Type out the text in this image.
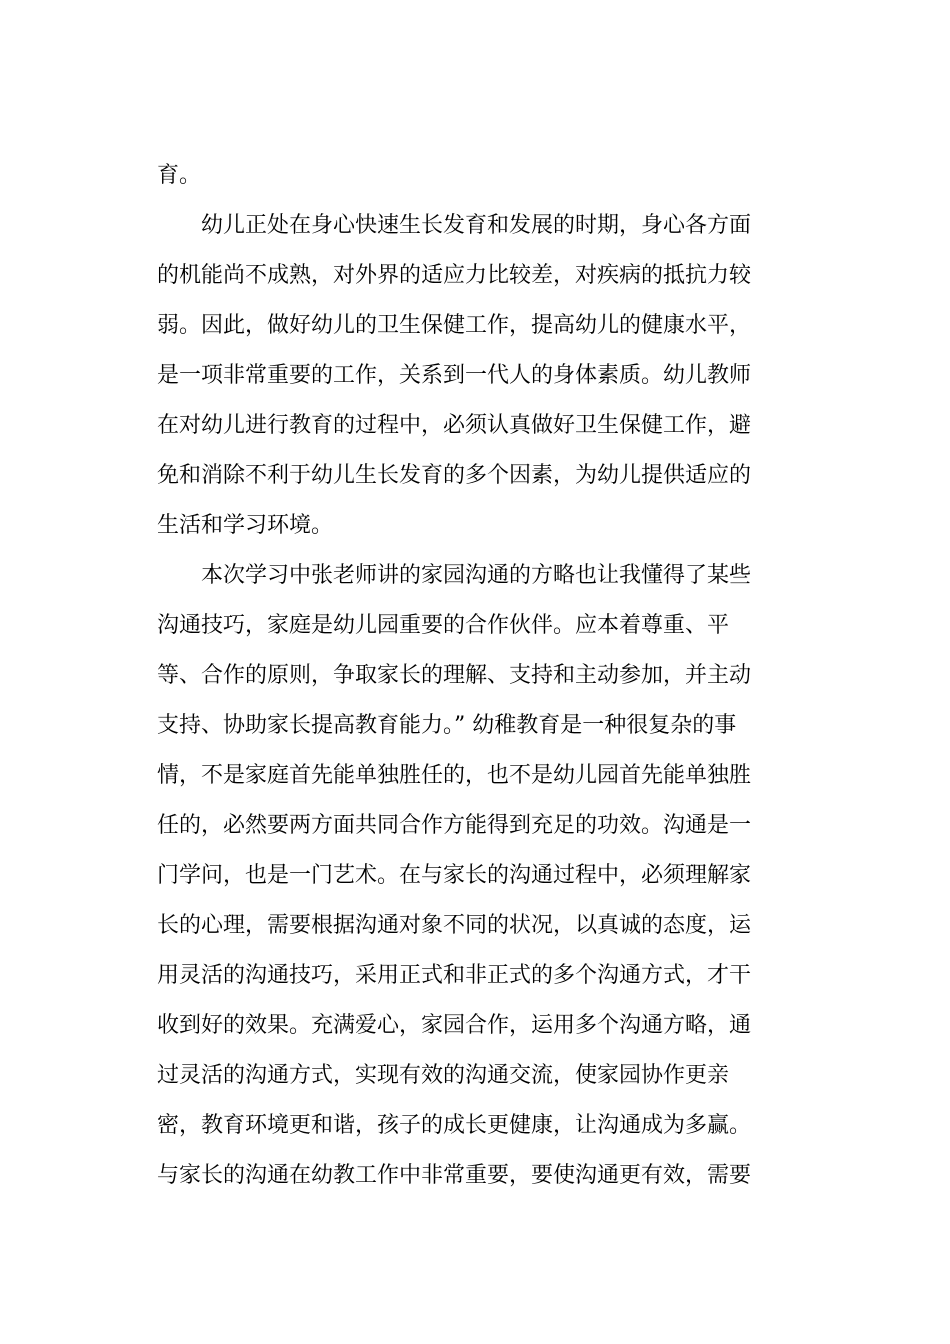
育。
幼儿正处在身心快速生长发育和发展的时期，身心各方面
的机能尚不成熟，对外界的适应力比较差，对疾病的抵抗力较
弱。因此，做好幼儿的卫生保健工作，提高幼儿的健康水平，
是一项非常重要的工作，关系到一代人的身体素质。幼儿教师
在对幼儿进行教育的过程中，必须认真做好卫生保健工作，避
免和消除不利于幼儿生长发育的多个因素，为幼儿提供适应的
生活和学习环境。
本次学习中张老师讲的家园沟通的方略也让我懂得了某些
沟通技巧，家庭是幼儿园重要的合作伙伴。应本着尊重、平
等、合作的原则，争取家长的理解、支持和主动参加，并主动
支持、协助家长提高教育能力。” 幼稚教育是一种很复杂的事
情，不是家庭首先能单独胜任的，也不是幼儿园首先能单独胜
任的，必然要两方面共同合作方能得到充足的功效。沟通是一
门学问，也是一门艺术。在与家长的沟通过程中，必须理解家
长的心理，需要根据沟通对象不同的状况，以真诚的态度，运
用灵活的沟通技巧，采用正式和非正式的多个沟通方式，才干
收到好的效果。充满爱心，家园合作，运用多个沟通方略，通
过灵活的沟通方式，实现有效的沟通交流，使家园协作更亲
密，教育环境更和谐，孩子的成长更健康，让沟通成为多赢。
与家长的沟通在幼教工作中非常重要，要使沟通更有效，需要
